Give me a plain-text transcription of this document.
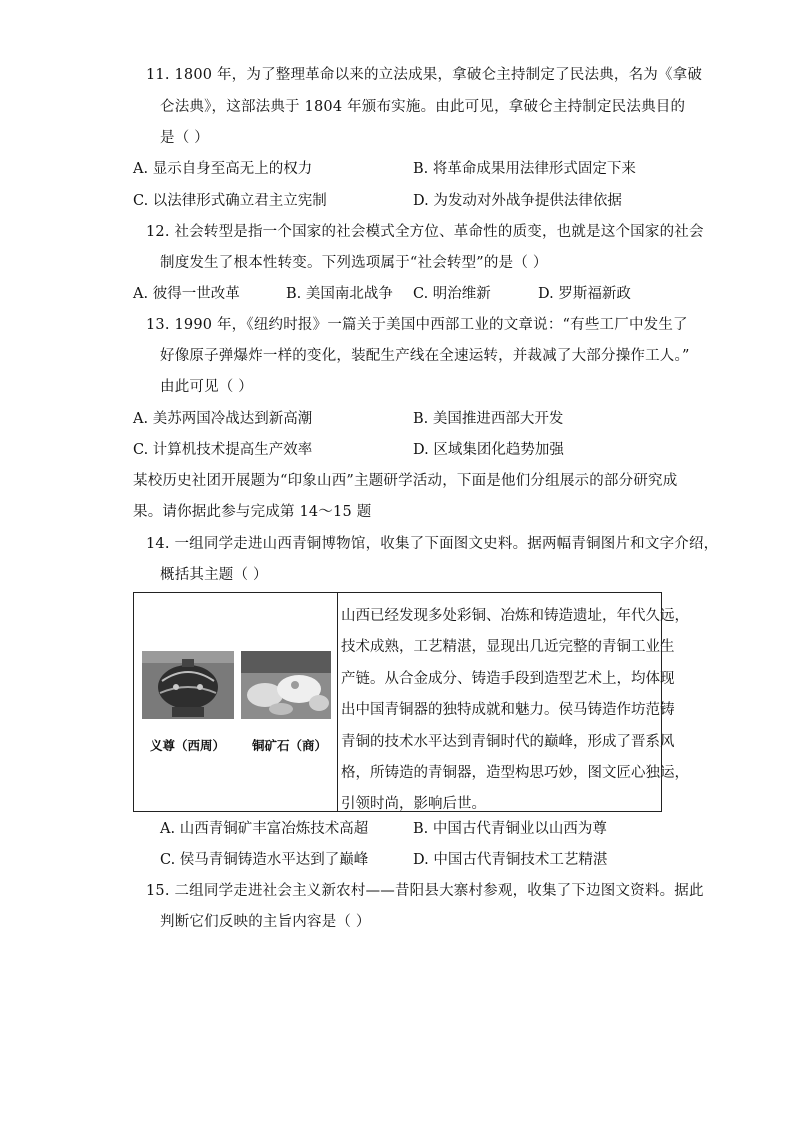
11. 1800 年，为了整理革命以来的立法成果，拿破仑主持制定了民法典，名为《拿破
仑法典》，这部法典于 1804 年颁布实施。由此可见，拿破仑主持制定民法典目的
是（ ）
A. 显示自身至高无上的权力	B. 将革命成果用法律形式固定下来
C. 以法律形式确立君主立宪制	D. 为发动对外战争提供法律依据
12. 社会转型是指一个国家的社会模式全方位、革命性的质变，也就是这个国家的社会
制度发生了根本性转变。下列选项属于“社会转型”的是（ ）
A. 彼得一世改革	B. 美国南北战争 C. 明治维新	D. 罗斯福新政
13. 1990 年，《纽约时报》一篇关于美国中西部工业的文章说：“有些工厂中发生了
好像原子弹爆炸一样的变化，装配生产线在全速运转，并裁减了大部分操作工人。”
由此可见（ ）
A. 美苏两国冷战达到新高潮	B. 美国推进西部大开发
C. 计算机技术提高生产效率	D. 区域集团化趋势加强
某校历史社团开展题为“印象山西”主题研学活动，下面是他们分组展示的部分研究成
果。请你据此参与完成第 14～15 题
14. 一组同学走进山西青铜博物馆，收集了下面图文史料。据两幅青铜图片和文字介绍，
概括其主题（ ）
义尊（西周） 铜矿石（商）
山西已经发现多处彩铜、冶炼和铸造遗址，年代久远，
技术成熟，工艺精湛，显现出几近完整的青铜工业生
产链。从合金成分、铸造手段到造型艺术上，均体现
出中国青铜器的独特成就和魅力。侯马铸造作坊范铸
青铜的技术水平达到青铜时代的巅峰，形成了晋系风
格，所铸造的青铜器，造型构思巧妙，图文匠心独运，
引领时尚，影响后世。
A. 山西青铜矿丰富冶炼技术高超	B. 中国古代青铜业以山西为尊
C. 侯马青铜铸造水平达到了巅峰	D. 中国古代青铜技术工艺精湛
15. 二组同学走进社会主义新农村——昔阳县大寨村参观，收集了下边图文资料。据此
判断它们反映的主旨内容是（ ）
